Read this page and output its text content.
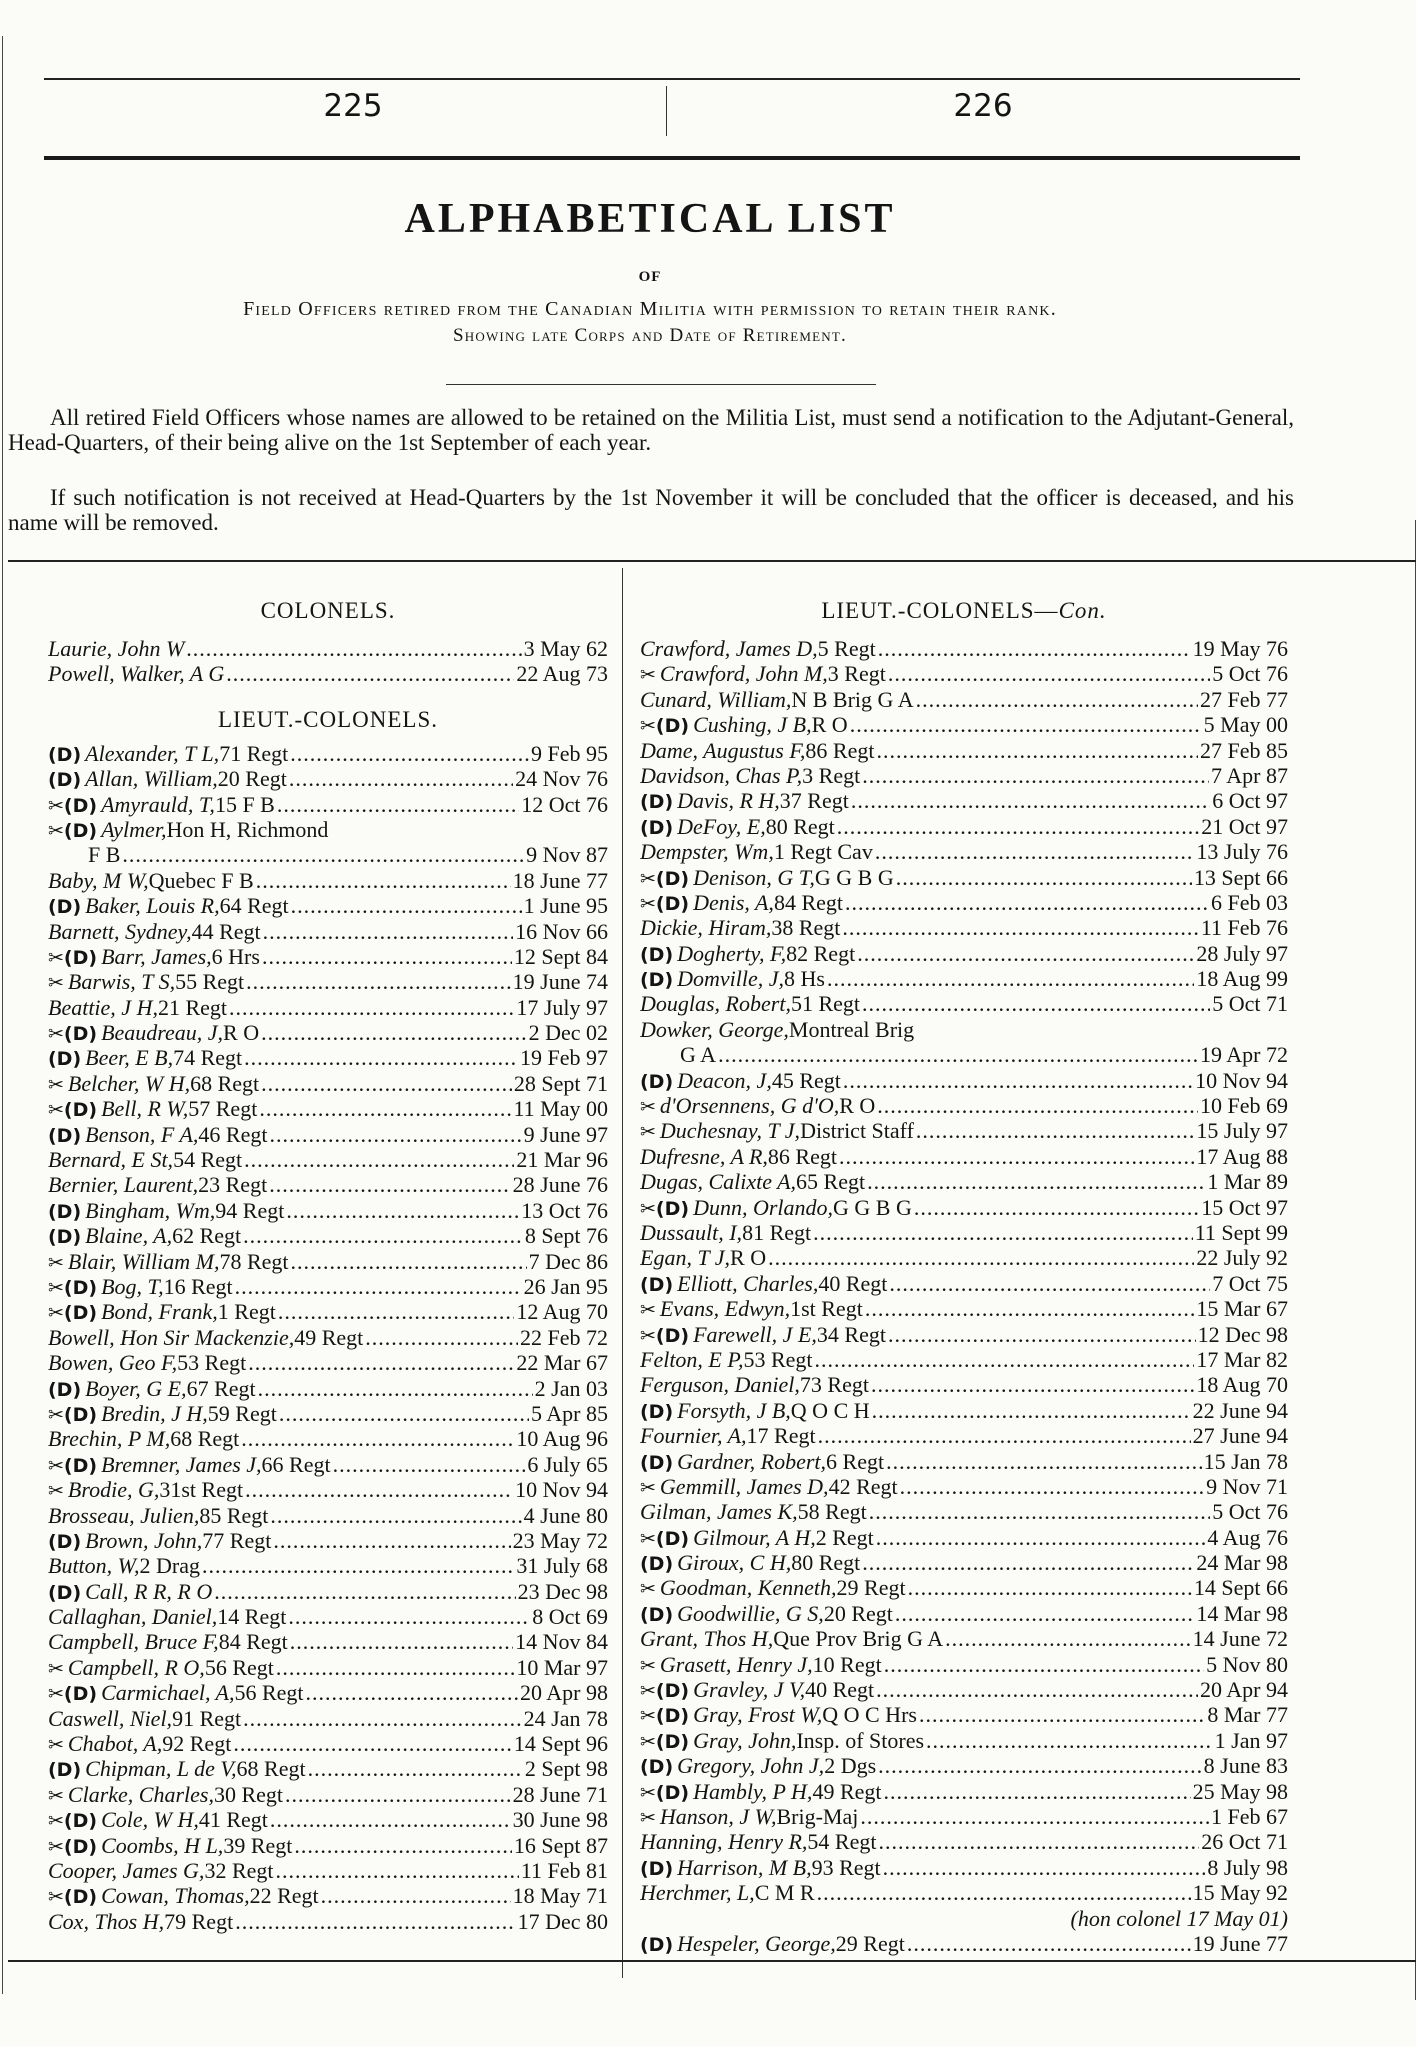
225	226
ALPHABETICAL LIST
OF
Field Officers retired from the Canadian Militia with permission to retain their rank.
Showing late Corps and Date of Retirement.
All retired Field Officers whose names are allowed to be retained on the Militia List, must send a notification to the Adjutant-General, Head-Quarters, of their being alive on the 1st September of each year.
If such notification is not received at Head-Quarters by the 1st November it will be concluded that the officer is deceased, and his name will be removed.
COLONELS.
Laurie, John W .....	3 May 62
Powell, Walker, A G .....	22 Aug 73
LIEUT.-COLONELS.
(D) Alexander, T L, 71 Regt .....	9 Feb 95
(D) Allan, William, 20 Regt .....	24 Nov 76
✂(D) Amyrauld, T, 15 F B .....	12 Oct 76
✂(D) Aylmer, Hon H, Richmond
F B .....	9 Nov 87
Baby, M W, Quebec F B .....	18 June 77
(D) Baker, Louis R, 64 Regt .....	1 June 95
Barnett, Sydney, 44 Regt .....	16 Nov 66
✂(D) Barr, James, 6 Hrs .....	12 Sept 84
✂ Barwis, T S, 55 Regt .....	19 June 74
Beattie, J H, 21 Regt .....	17 July 97
✂(D) Beaudreau, J, R O .....	2 Dec 02
(D) Beer, E B, 74 Regt .....	19 Feb 97
✂ Belcher, W H, 68 Regt .....	28 Sept 71
✂(D) Bell, R W, 57 Regt .....	11 May 00
(D) Benson, F A, 46 Regt .....	9 June 97
Bernard, E St, 54 Regt .....	21 Mar 96
Bernier, Laurent, 23 Regt .....	28 June 76
(D) Bingham, Wm, 94 Regt .....	13 Oct 76
(D) Blaine, A, 62 Regt .....	8 Sept 76
✂ Blair, William M, 78 Regt .....	7 Dec 86
✂(D) Bog, T, 16 Regt .....	26 Jan 95
✂(D) Bond, Frank, 1 Regt .....	12 Aug 70
Bowell, Hon Sir Mackenzie, 49 Regt .....	22 Feb 72
Bowen, Geo F, 53 Regt .....	22 Mar 67
(D) Boyer, G E, 67 Regt .....	2 Jan 03
✂(D) Bredin, J H, 59 Regt .....	5 Apr 85
Brechin, P M, 68 Regt .....	10 Aug 96
✂(D) Bremner, James J, 66 Regt .....	6 July 65
✂ Brodie, G, 31st Regt .....	10 Nov 94
Brosseau, Julien, 85 Regt .....	4 June 80
(D) Brown, John, 77 Regt .....	23 May 72
Button, W, 2 Drag .....	31 July 68
(D) Call, R R, R O .....	23 Dec 98
Callaghan, Daniel, 14 Regt .....	8 Oct 69
Campbell, Bruce F, 84 Regt .....	14 Nov 84
✂ Campbell, R O, 56 Regt .....	10 Mar 97
✂(D) Carmichael, A, 56 Regt .....	20 Apr 98
Caswell, Niel, 91 Regt .....	24 Jan 78
✂ Chabot, A, 92 Regt .....	14 Sept 96
(D) Chipman, L de V, 68 Regt .....	2 Sept 98
✂ Clarke, Charles, 30 Regt .....	28 June 71
✂(D) Cole, W H, 41 Regt .....	30 June 98
✂(D) Coombs, H L, 39 Regt .....	16 Sept 87
Cooper, James G, 32 Regt .....	11 Feb 81
✂(D) Cowan, Thomas, 22 Regt .....	18 May 71
Cox, Thos H, 79 Regt .....	17 Dec 80
LIEUT.-COLONELS—Con.
Crawford, James D, 5 Regt .....	19 May 76
✂ Crawford, John M, 3 Regt .....	5 Oct 76
Cunard, William, N B Brig G A .....	27 Feb 77
✂(D) Cushing, J B, R O .....	5 May 00
Dame, Augustus F, 86 Regt .....	27 Feb 85
Davidson, Chas P, 3 Regt .....	7 Apr 87
(D) Davis, R H, 37 Regt .....	6 Oct 97
(D) DeFoy, E, 80 Regt .....	21 Oct 97
Dempster, Wm, 1 Regt Cav .....	13 July 76
✂(D) Denison, G T, G G B G .....	13 Sept 66
✂(D) Denis, A, 84 Regt .....	6 Feb 03
Dickie, Hiram, 38 Regt .....	11 Feb 76
(D) Dogherty, F, 82 Regt .....	28 July 97
(D) Domville, J, 8 Hs .....	18 Aug 99
Douglas, Robert, 51 Regt .....	5 Oct 71
Dowker, George, Montreal Brig
G A .....	19 Apr 72
(D) Deacon, J, 45 Regt .....	10 Nov 94
✂ d'Orsennens, G d'O, R O .....	10 Feb 69
✂ Duchesnay, T J, District Staff .....	15 July 97
Dufresne, A R, 86 Regt .....	17 Aug 88
Dugas, Calixte A, 65 Regt .....	1 Mar 89
✂(D) Dunn, Orlando, G G B G .....	15 Oct 97
Dussault, I, 81 Regt .....	11 Sept 99
Egan, T J, R O .....	22 July 92
(D) Elliott, Charles, 40 Regt .....	7 Oct 75
✂ Evans, Edwyn, 1st Regt .....	15 Mar 67
✂(D) Farewell, J E, 34 Regt .....	12 Dec 98
Felton, E P, 53 Regt .....	17 Mar 82
Ferguson, Daniel, 73 Regt .....	18 Aug 70
(D) Forsyth, J B, Q O C H .....	22 June 94
Fournier, A, 17 Regt .....	27 June 94
(D) Gardner, Robert, 6 Regt .....	15 Jan 78
✂ Gemmill, James D, 42 Regt .....	9 Nov 71
Gilman, James K, 58 Regt .....	5 Oct 76
✂(D) Gilmour, A H, 2 Regt .....	4 Aug 76
(D) Giroux, C H, 80 Regt .....	24 Mar 98
✂ Goodman, Kenneth, 29 Regt .....	14 Sept 66
(D) Goodwillie, G S, 20 Regt .....	14 Mar 98
Grant, Thos H, Que Prov Brig G A .....	14 June 72
✂ Grasett, Henry J, 10 Regt .....	5 Nov 80
✂(D) Gravley, J V, 40 Regt .....	20 Apr 94
✂(D) Gray, Frost W, Q O C Hrs .....	8 Mar 77
✂(D) Gray, John, Insp. of Stores .....	1 Jan 97
(D) Gregory, John J, 2 Dgs .....	8 June 83
✂(D) Hambly, P H, 49 Regt .....	25 May 98
✂ Hanson, J W, Brig-Maj .....	1 Feb 67
Hanning, Henry R, 54 Regt .....	26 Oct 71
(D) Harrison, M B, 93 Regt .....	8 July 98
Herchmer, L, C M R .....	15 May 92
(hon colonel 17 May 01)
(D) Hespeler, George, 29 Regt .....	19 June 77
